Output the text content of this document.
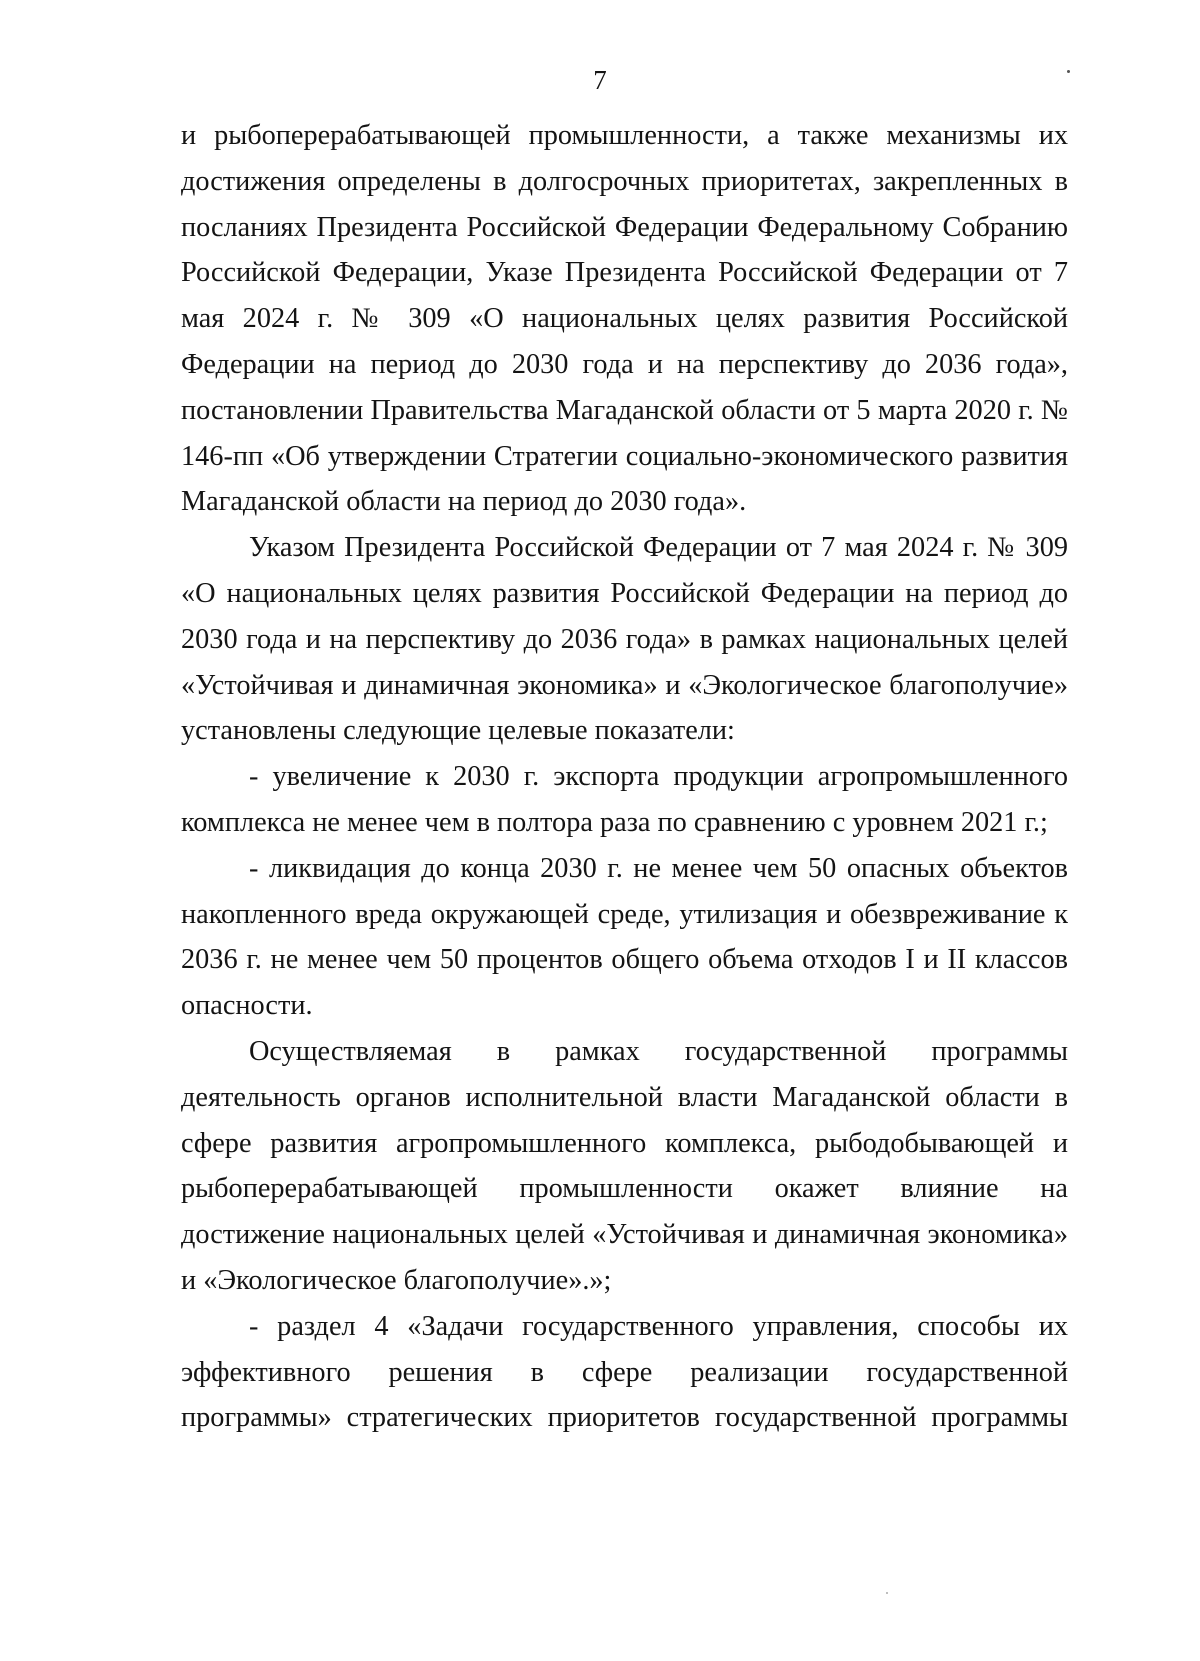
7

и рыбоперерабатывающей промышленности, а также механизмы их достижения определены в долгосрочных приоритетах, закрепленных в посланиях Президента Российской Федерации Федеральному Собранию Российской Федерации, Указе Президента Российской Федерации от 7 мая 2024 г. № 309 «О национальных целях развития Российской Федерации на период до 2030 года и на перспективу до 2036 года», постановлении Правительства Магаданской области от 5 марта 2020 г. № 146-пп «Об утверждении Стратегии социально-экономического развития Магаданской области на период до 2030 года».

Указом Президента Российской Федерации от 7 мая 2024 г. № 309 «О национальных целях развития Российской Федерации на период до 2030 года и на перспективу до 2036 года» в рамках национальных целей «Устойчивая и динамичная экономика» и «Экологическое благополучие» установлены следующие целевые показатели:

- увеличение к 2030 г. экспорта продукции агропромышленного комплекса не менее чем в полтора раза по сравнению с уровнем 2021 г.;

- ликвидация до конца 2030 г. не менее чем 50 опасных объектов накопленного вреда окружающей среде, утилизация и обезвреживание к 2036 г. не менее чем 50 процентов общего объема отходов I и II классов опасности.

Осуществляемая в рамках государственной программы деятельность органов исполнительной власти Магаданской области в сфере развития агропромышленного комплекса, рыбодобывающей и рыбоперерабатывающей промышленности окажет влияние на достижение национальных целей «Устойчивая и динамичная экономика» и «Экологическое благополучие».»;

- раздел 4 «Задачи государственного управления, способы их эффективного решения в сфере реализации государственной программы» стратегических приоритетов государственной программы
